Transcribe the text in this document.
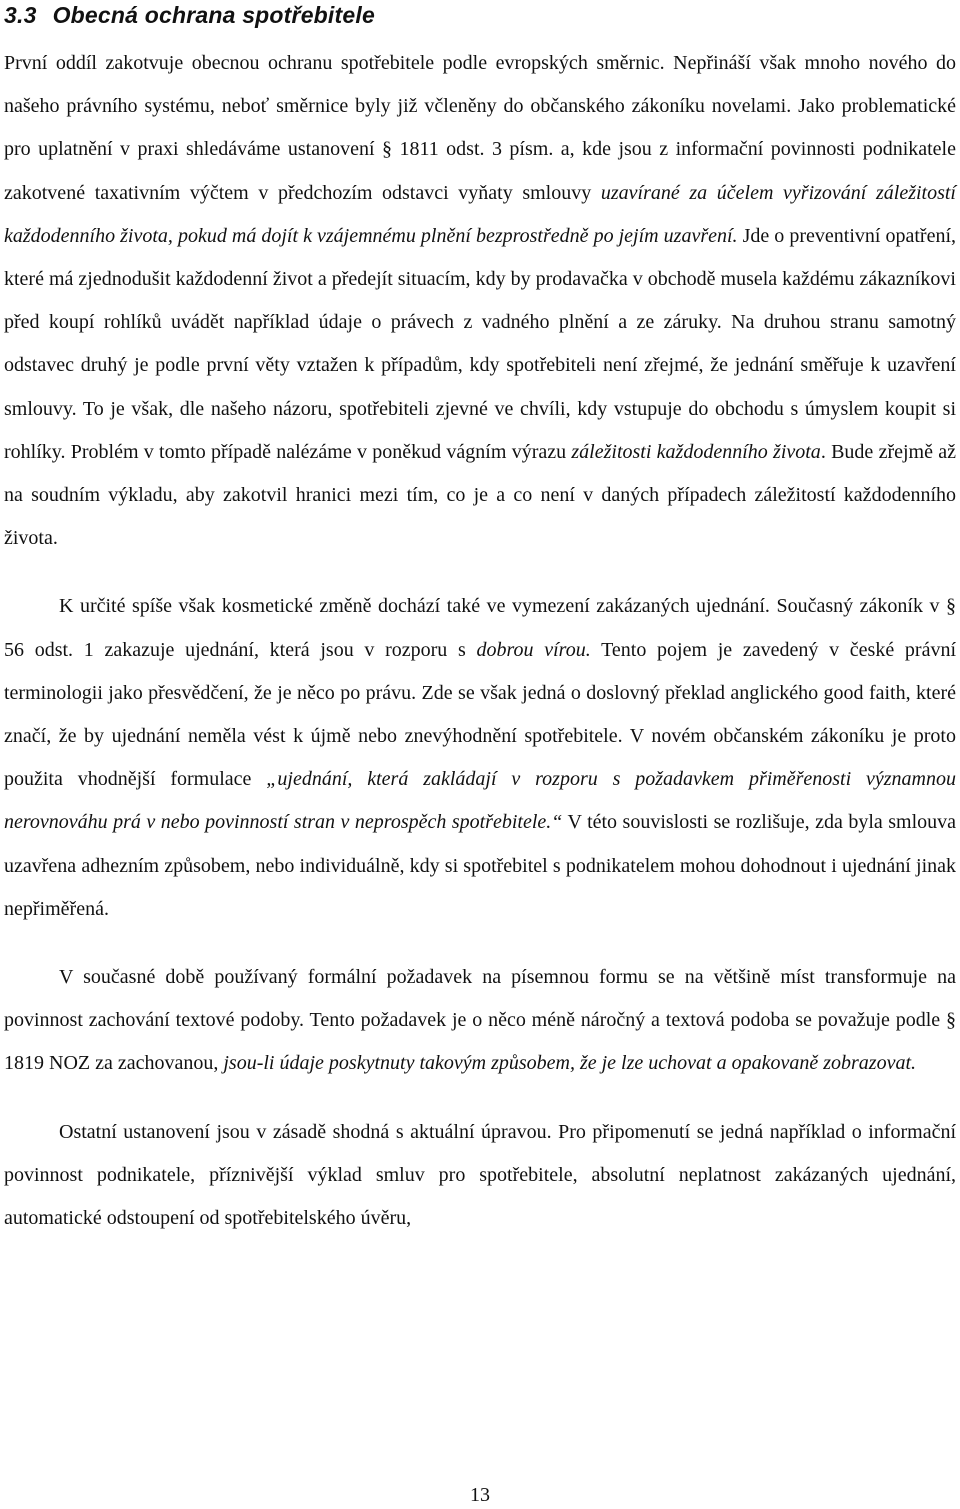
3.3 Obecná ochrana spotřebitele

První oddíl zakotvuje obecnou ochranu spotřebitele podle evropských směrnic. Nepřináší však mnoho nového do našeho právního systému, neboť směrnice byly již včleněny do občanského zákoníku novelami. Jako problematické pro uplatnění v praxi shledáváme ustanovení § 1811 odst. 3 písm. a, kde jsou z informační povinnosti podnikatele zakotvené taxativním výčtem v předchozím odstavci vyňaty smlouvy uzavírané za účelem vyřizování záležitostí každodenního života, pokud má dojít k vzájemnému plnění bezprostředně po jejím uzavření. Jde o preventivní opatření, které má zjednodušit každodenní život a předejít situacím, kdy by prodavačka v obchodě musela každému zákazníkovi před koupí rohlíků uvádět například údaje o právech z vadného plnění a ze záruky. Na druhou stranu samotný odstavec druhý je podle první věty vztažen k případům, kdy spotřebiteli není zřejmé, že jednání směřuje k uzavření smlouvy. To je však, dle našeho názoru, spotřebiteli zjevné ve chvíli, kdy vstupuje do obchodu s úmyslem koupit si rohlíky. Problém v tomto případě nalézáme v poněkud vágním výrazu záležitosti každodenního života. Bude zřejmě až na soudním výkladu, aby zakotvil hranici mezi tím, co je a co není v daných případech záležitostí každodenního života.

K určité spíše však kosmetické změně dochází také ve vymezení zakázaných ujednání. Současný zákoník v § 56 odst. 1 zakazuje ujednání, která jsou v rozporu s dobrou vírou. Tento pojem je zavedený v české právní terminologii jako přesvědčení, že je něco po právu. Zde se však jedná o doslovný překlad anglického good faith, které značí, že by ujednání neměla vést k újmě nebo znevýhodnění spotřebitele. V novém občanském zákoníku je proto použita vhodnější formulace „ujednání, která zakládají v rozporu s požadavkem přiměřenosti významnou nerovnováhu prá v nebo povinností stran v neprospěch spotřebitele.“ V této souvislosti se rozlišuje, zda byla smlouva uzavřena adhezním způsobem, nebo individuálně, kdy si spotřebitel s podnikatelem mohou dohodnout i ujednání jinak nepřiměřená.

V současné době používaný formální požadavek na písemnou formu se na většině míst transformuje na povinnost zachování textové podoby. Tento požadavek je o něco méně náročný a textová podoba se považuje podle § 1819 NOZ za zachovanou, jsou-li údaje poskytnuty takovým způsobem, že je lze uchovat a opakovaně zobrazovat.

Ostatní ustanovení jsou v zásadě shodná s aktuální úpravou. Pro připomenutí se jedná například o informační povinnost podnikatele, příznivější výklad smluv pro spotřebitele, absolutní neplatnost zakázaných ujednání, automatické odstoupení od spotřebitelského úvěru,

13
